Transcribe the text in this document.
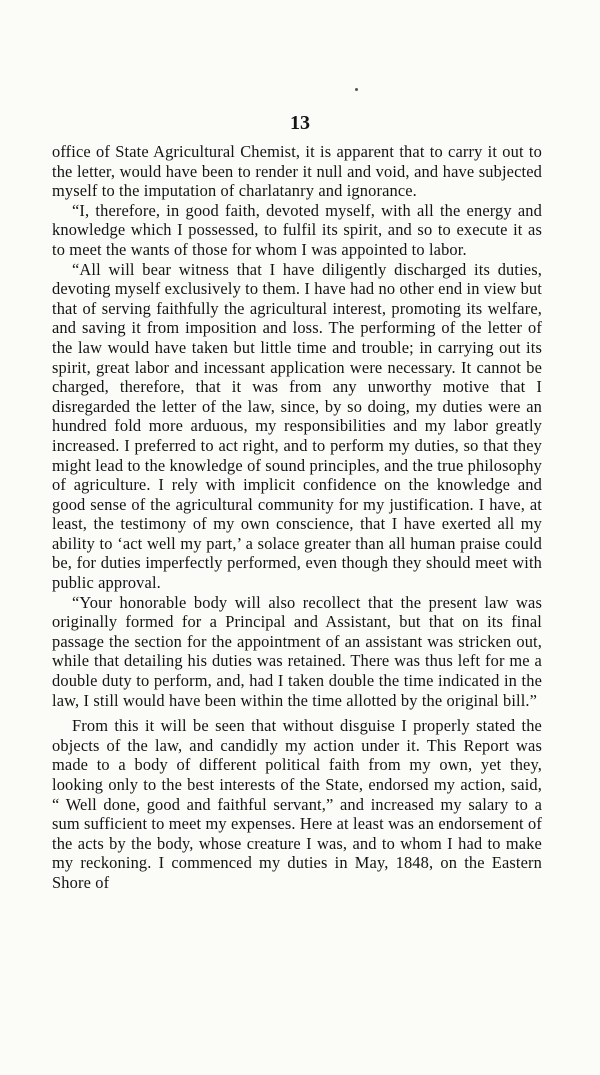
13

office of State Agricultural Chemist, it is apparent that to carry it out to the letter, would have been to render it null and void, and have subjected myself to the imputation of charlatanry and ignorance.

“I, therefore, in good faith, devoted myself, with all the energy and knowledge which I possessed, to fulfil its spirit, and so to execute it as to meet the wants of those for whom I was appointed to labor.

“All will bear witness that I have diligently discharged its duties, devoting myself exclusively to them. I have had no other end in view but that of serving faithfully the agricultural interest, promoting its welfare, and saving it from imposition and loss. The performing of the letter of the law would have taken but little time and trouble; in carrying out its spirit, great labor and incessant application were necessary. It cannot be charged, therefore, that it was from any unworthy motive that I disregarded the letter of the law, since, by so doing, my duties were an hundred fold more arduous, my responsibilities and my labor greatly increased. I preferred to act right, and to perform my duties, so that they might lead to the knowledge of sound principles, and the true philosophy of agriculture. I rely with implicit confidence on the knowledge and good sense of the agricultural community for my justification. I have, at least, the testimony of my own conscience, that I have exerted all my ability to ‘act well my part,’ a solace greater than all human praise could be, for duties imperfectly performed, even though they should meet with public approval.

“Your honorable body will also recollect that the present law was originally formed for a Principal and Assistant, but that on its final passage the section for the appointment of an assistant was stricken out, while that detailing his duties was retained. There was thus left for me a double duty to perform, and, had I taken double the time indicated in the law, I still would have been within the time allotted by the original bill.”

From this it will be seen that without disguise I properly stated the objects of the law, and candidly my action under it. This Report was made to a body of different political faith from my own, yet they, looking only to the best interests of the State, endorsed my action, said, “ Well done, good and faithful servant,” and increased my salary to a sum sufficient to meet my expenses. Here at least was an endorsement of the acts by the body, whose creature I was, and to whom I had to make my reckoning. I commenced my duties in May, 1848, on the Eastern Shore of
